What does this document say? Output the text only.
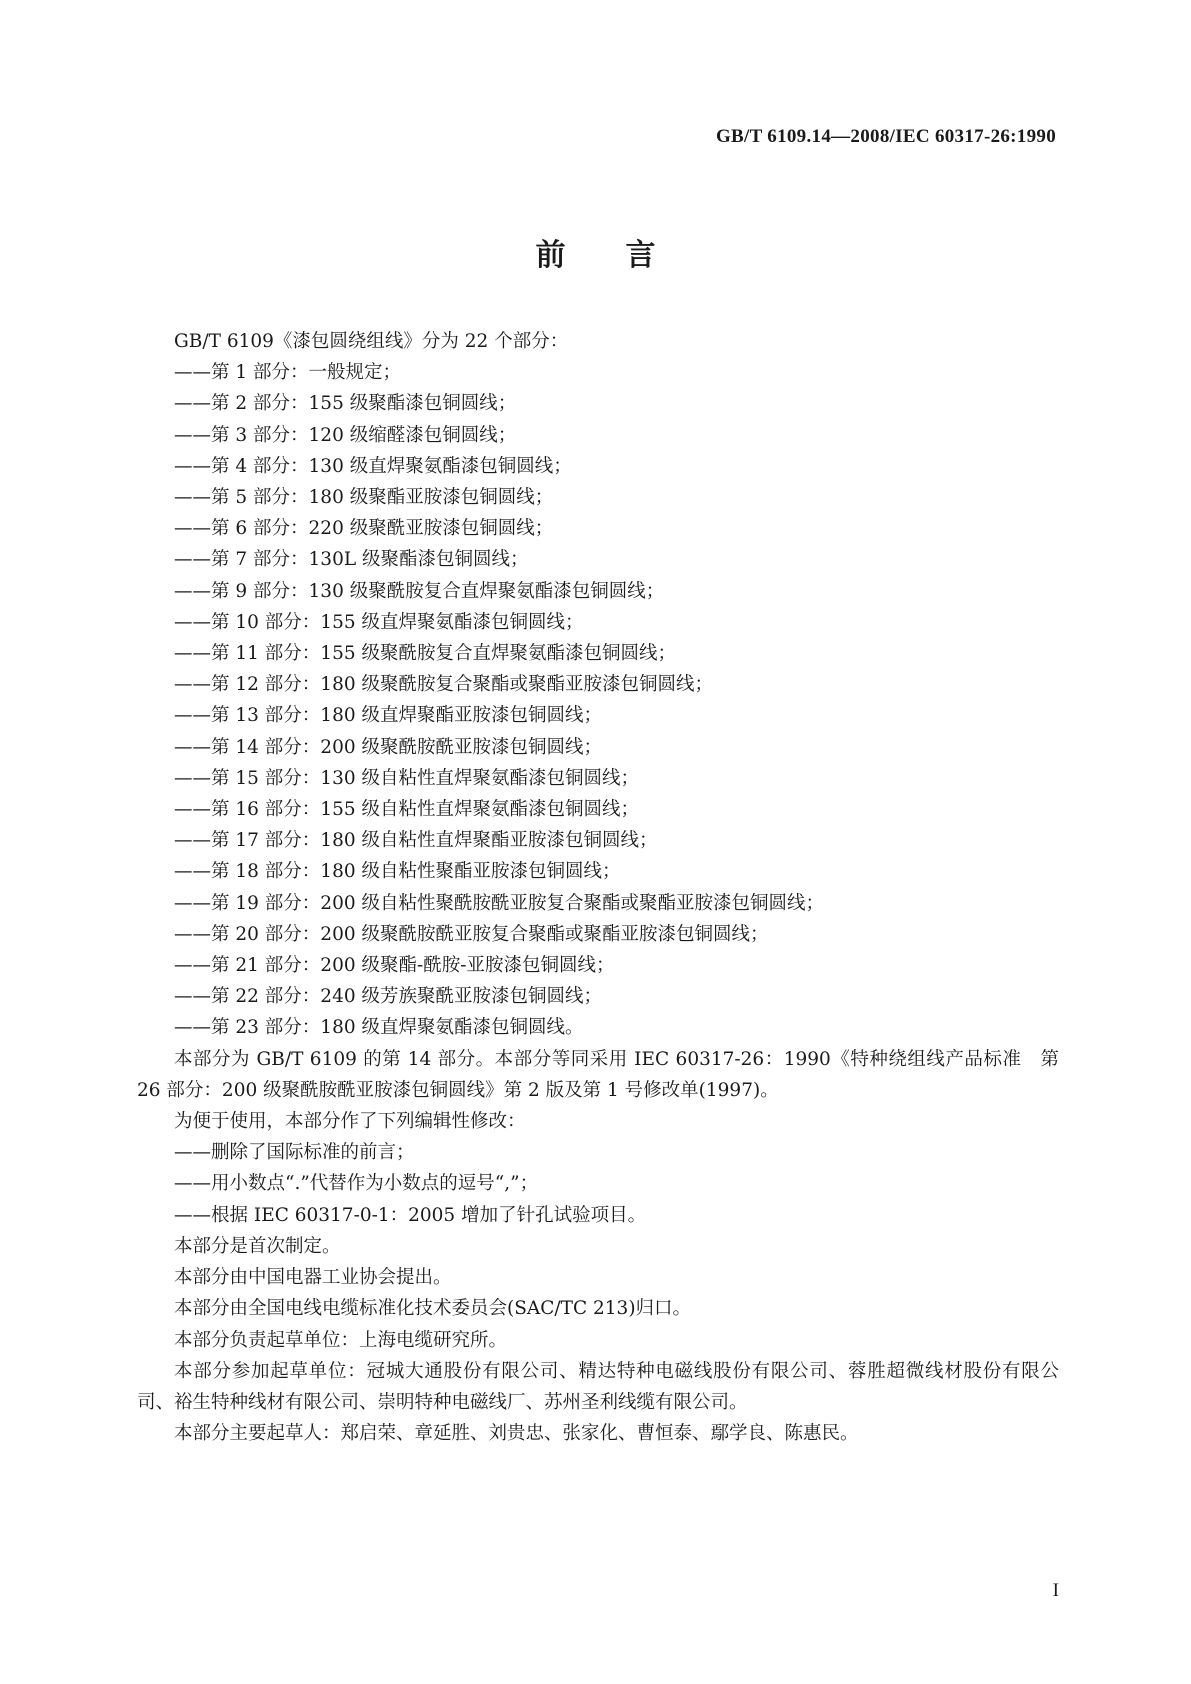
GB/T 6109.14—2008/IEC 60317-26:1990
前言

GB/T 6109《漆包圆绕组线》分为 22 个部分：

——第 1 部分：一般规定；

——第 2 部分：155 级聚酯漆包铜圆线；

——第 3 部分：120 级缩醛漆包铜圆线；

——第 4 部分：130 级直焊聚氨酯漆包铜圆线；

——第 5 部分：180 级聚酯亚胺漆包铜圆线；

——第 6 部分：220 级聚酰亚胺漆包铜圆线；

——第 7 部分：130L 级聚酯漆包铜圆线；

——第 9 部分：130 级聚酰胺复合直焊聚氨酯漆包铜圆线；

——第 10 部分：155 级直焊聚氨酯漆包铜圆线；

——第 11 部分：155 级聚酰胺复合直焊聚氨酯漆包铜圆线；

——第 12 部分：180 级聚酰胺复合聚酯或聚酯亚胺漆包铜圆线；

——第 13 部分：180 级直焊聚酯亚胺漆包铜圆线；

——第 14 部分：200 级聚酰胺酰亚胺漆包铜圆线；

——第 15 部分：130 级自粘性直焊聚氨酯漆包铜圆线；

——第 16 部分：155 级自粘性直焊聚氨酯漆包铜圆线；

——第 17 部分：180 级自粘性直焊聚酯亚胺漆包铜圆线；

——第 18 部分：180 级自粘性聚酯亚胺漆包铜圆线；

——第 19 部分：200 级自粘性聚酰胺酰亚胺复合聚酯或聚酯亚胺漆包铜圆线；

——第 20 部分：200 级聚酰胺酰亚胺复合聚酯或聚酯亚胺漆包铜圆线；

——第 21 部分：200 级聚酯-酰胺-亚胺漆包铜圆线；

——第 22 部分：240 级芳族聚酰亚胺漆包铜圆线；

——第 23 部分：180 级直焊聚氨酯漆包铜圆线。

本部分为 GB/T 6109 的第 14 部分。本部分等同采用 IEC 60317-26：1990《特种绕组线产品标准　第 26 部分：200 级聚酰胺酰亚胺漆包铜圆线》第 2 版及第 1 号修改单(1997)。

为便于使用，本部分作了下列编辑性修改：

——删除了国际标准的前言；

——用小数点“.”代替作为小数点的逗号“,”；

——根据 IEC 60317-0-1：2005 增加了针孔试验项目。

本部分是首次制定。

本部分由中国电器工业协会提出。

本部分由全国电线电缆标准化技术委员会(SAC/TC 213)归口。

本部分负责起草单位：上海电缆研究所。

本部分参加起草单位：冠城大通股份有限公司、精达特种电磁线股份有限公司、蓉胜超微线材股份有限公司、裕生特种线材有限公司、崇明特种电磁线厂、苏州圣利线缆有限公司。

本部分主要起草人：郑启荣、章延胜、刘贵忠、张家化、曹恒泰、鄢学良、陈惠民。

I
